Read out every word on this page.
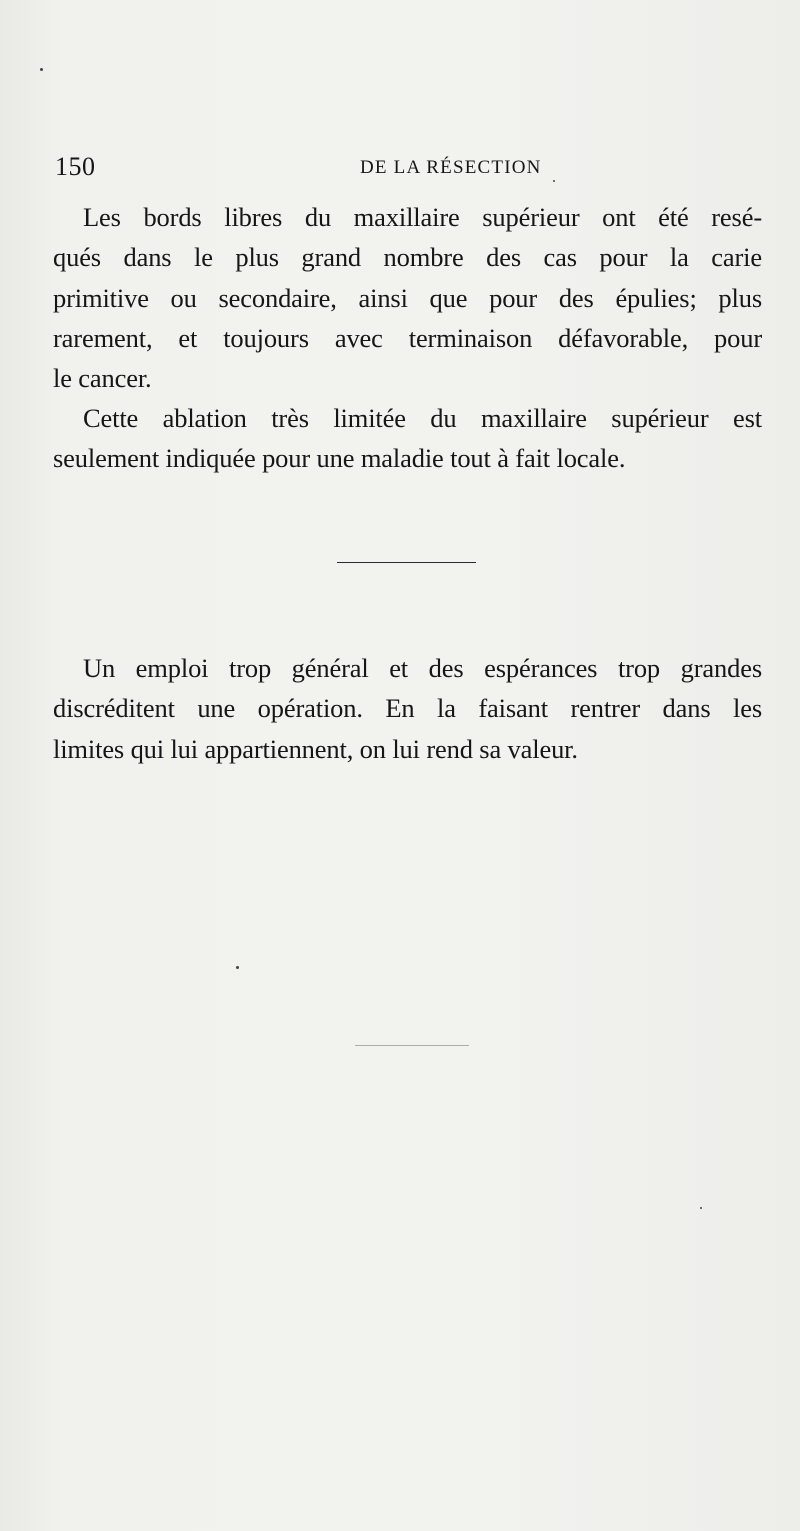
150	DE LA RÉSECTION
Les bords libres du maxillaire supérieur ont été resé-
qués dans le plus grand nombre des cas pour la carie
primitive ou secondaire, ainsi que pour des épulies; plus
rarement, et toujours avec terminaison défavorable, pour
le cancer.
Cette ablation très limitée du maxillaire supérieur est
seulement indiquée pour une maladie tout à fait locale.
Un emploi trop général et des espérances trop grandes
discréditent une opération. En la faisant rentrer dans les
limites qui lui appartiennent, on lui rend sa valeur.
